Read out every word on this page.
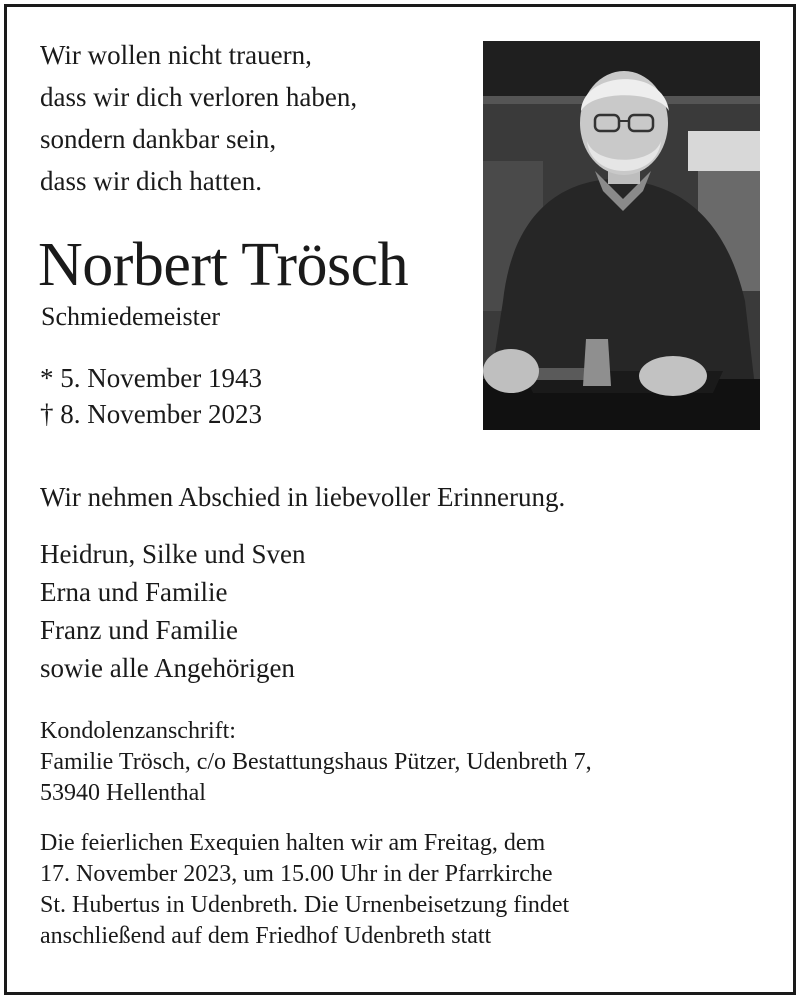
Wir wollen nicht trauern,
dass wir dich verloren haben,
sondern dankbar sein,
dass wir dich hatten.
Norbert Trösch
Schmiedemeister
* 5. November 1943
† 8. November 2023
Wir nehmen Abschied in liebevoller Erinnerung.
Heidrun, Silke und Sven
Erna und Familie
Franz und Familie
sowie alle Angehörigen
Kondolenzanschrift:
Familie Trösch, c/o Bestattungshaus Pützer, Udenbreth 7,
53940 Hellenthal
Die feierlichen Exequien halten wir am Freitag, dem
17. November 2023, um 15.00 Uhr in der Pfarrkirche
St. Hubertus in Udenbreth. Die Urnenbeisetzung findet
anschließend auf dem Friedhof Udenbreth statt
